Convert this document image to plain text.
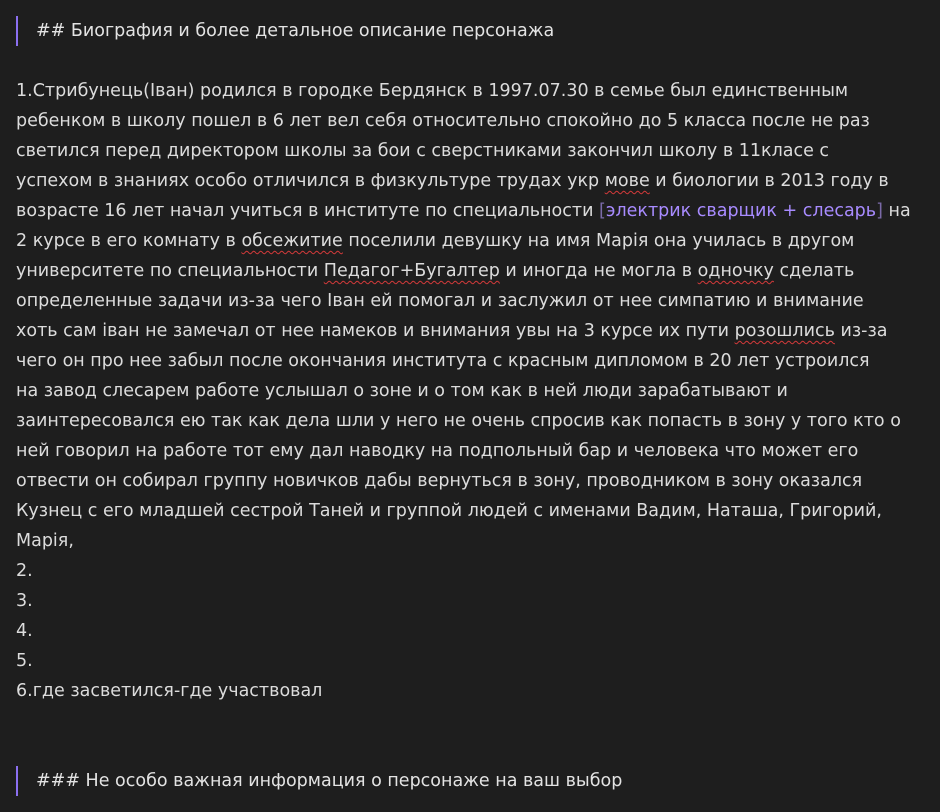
## Биография и более детальное описание персонажа
1.Стрибунець(Іван) родился в городке Бердянск в 1997.07.30 в семье был единственным
ребенком в школу пошел в 6 лет вел себя относительно спокойно до 5 класса после не раз
светился перед директором школы за бои с сверстниками закончил школу в 11класе с
успехом в знаниях особо отличился в физкультуре трудах укр мове и биологии в 2013 году в
возрасте 16 лет начал учиться в институте по специальности [электрик сварщик + слесарь] на
2 курсе в его комнату в обсежитие поселили девушку на имя Марія она училась в другом
университете по специальности Педагог+Бугалтер и иногда не могла в одночку сделать
определенные задачи из-за чего Іван ей помогал и заслужил от нее симпатию и внимание
хоть сам іван не замечал от нее намеков и внимания увы на 3 курсе их пути розошлись из-за
чего он про нее забыл после окончания института с красным дипломом в 20 лет устроился
на завод слесарем работе услышал о зоне и о том как в ней люди зарабатывают и
заинтересовался ею так как дела шли у него не очень спросив как попасть в зону у того кто о
ней говорил на работе тот ему дал наводку на подпольный бар и человека что может его
отвести он собирал группу новичков дабы вернуться в зону, проводником в зону оказался
Кузнец с его младшей сестрой Таней и группой людей с именами Вадим, Наташа, Григорий,
Марія,
2.
3.
4.
5.
6.где засветился-где участвовал
### Не особо важная информация о персонаже на ваш выбор
